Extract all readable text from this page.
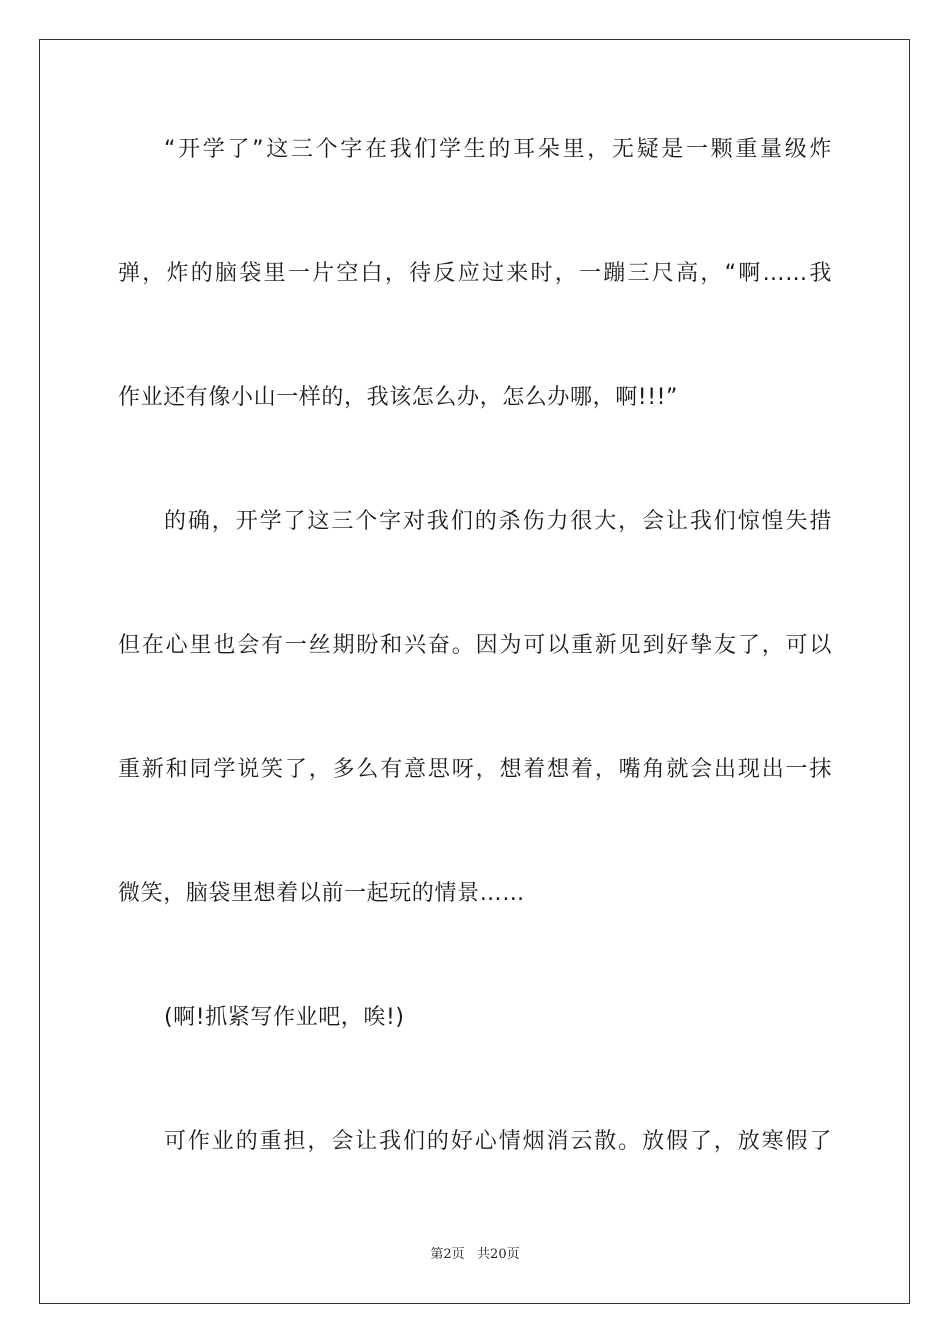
“开学了”这三个字在我们学生的耳朵里，无疑是一颗重量级炸
弹，炸的脑袋里一片空白，待反应过来时，一蹦三尺高，“啊……我
作业还有像小山一样的，我该怎么办，怎么办哪，啊!!!”
的确，开学了这三个字对我们的杀伤力很大，会让我们惊惶失措
但在心里也会有一丝期盼和兴奋。因为可以重新见到好挚友了，可以
重新和同学说笑了，多么有意思呀，想着想着，嘴角就会出现出一抹
微笑，脑袋里想着以前一起玩的情景……
(啊!抓紧写作业吧，唉!)
可作业的重担，会让我们的好心情烟消云散。放假了，放寒假了
第2页   共20页
